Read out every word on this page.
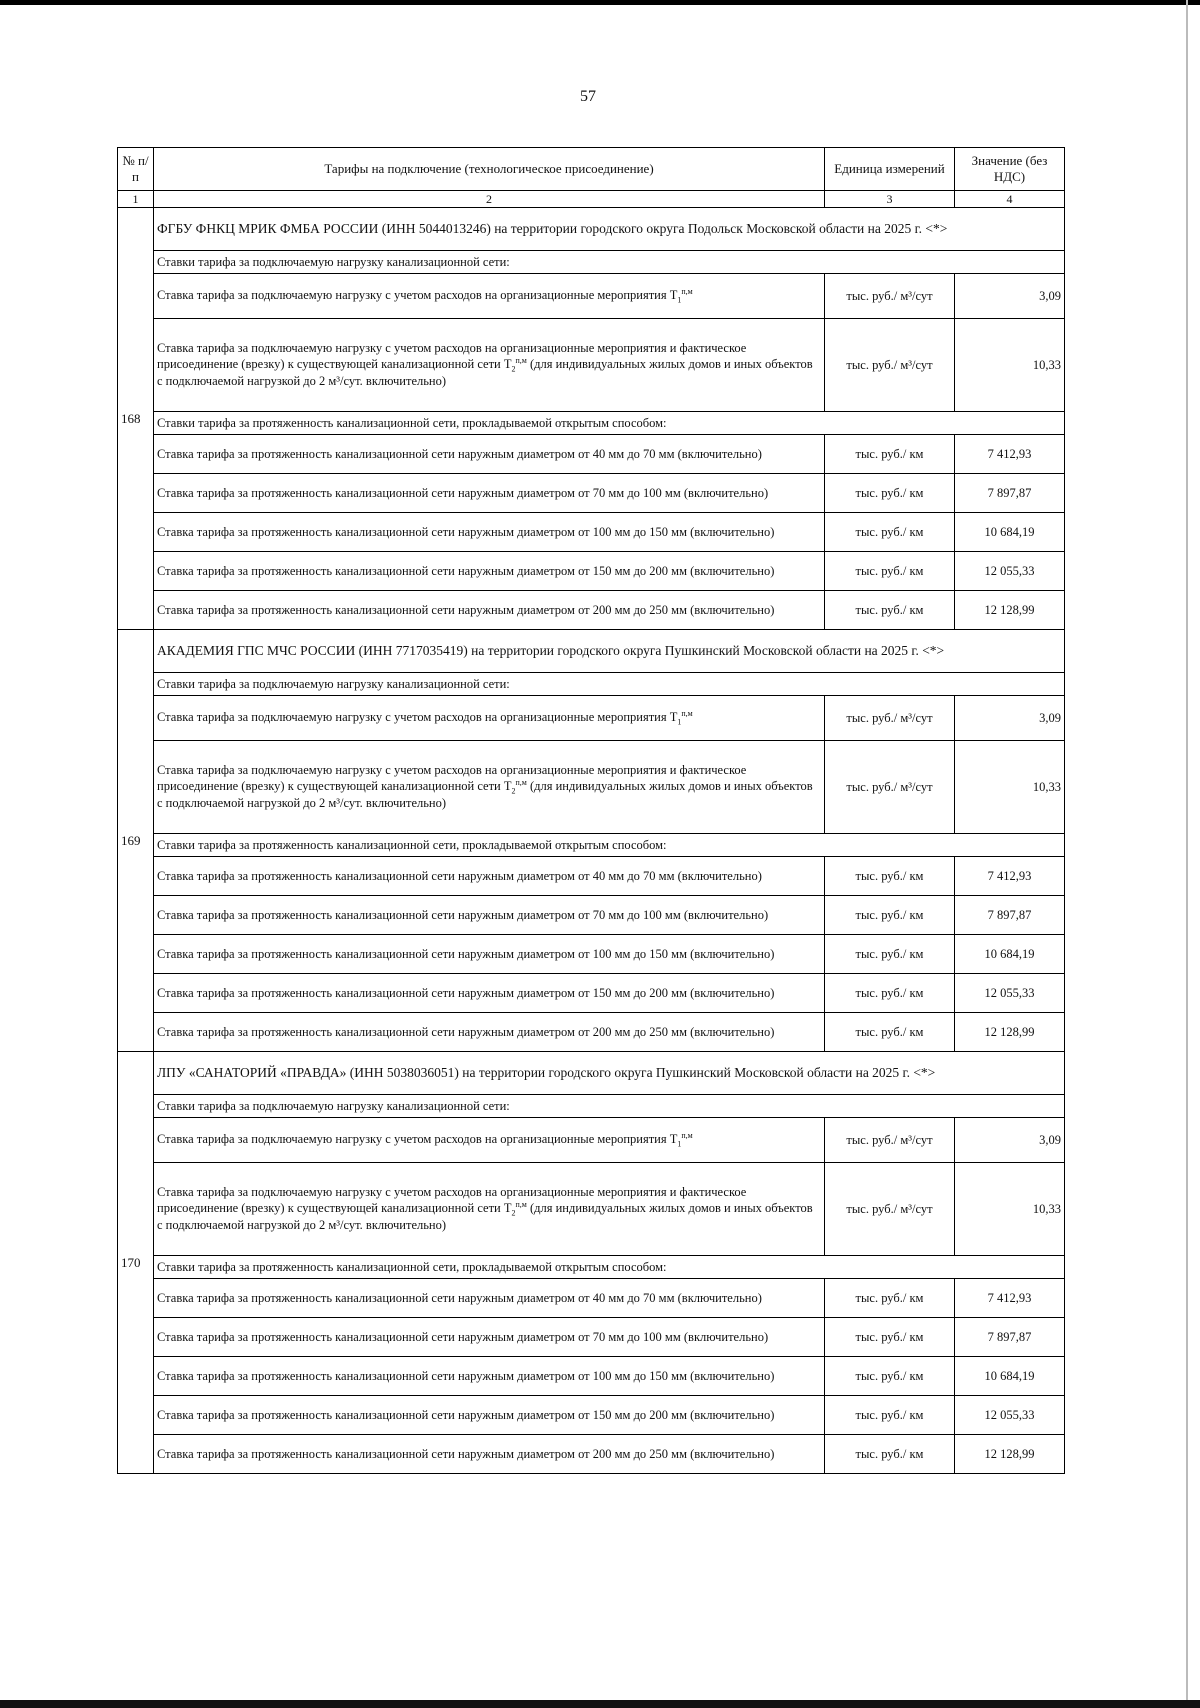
57
№ п/п	Тарифы на подключение (технологическое присоединение)	Единица измерений	Значение (без НДС)
1	2	3	4
168	ФГБУ ФНКЦ МРИК ФМБА РОССИИ (ИНН 5044013246) на территории городского округа Подольск Московской области на 2025 г. <*>		
	Ставки тарифа за подключаемую нагрузку канализационной сети:		
	Ставка тарифа за подключаемую нагрузку с учетом расходов на организационные мероприятия $T_1^{п,м}$	тыс. руб./ м³/сут	3,09
	Ставка тарифа за подключаемую нагрузку с учетом расходов на организационные мероприятия и фактическое присоединение (врезку) к существующей канализационной сети $T_2^{п,м}$ (для индивидуальных жилых домов и иных объектов с подключаемой нагрузкой до 2 м³/сут. включительно)	тыс. руб./ м³/сут	10,33
	Ставки тарифа за протяженность канализационной сети, прокладываемой открытым способом:		
	Ставка тарифа за протяженность канализационной сети наружным диаметром от 40 мм до 70 мм (включительно)	тыс. руб./ км	7 412,93
	Ставка тарифа за протяженность канализационной сети наружным диаметром от 70 мм до 100 мм (включительно)	тыс. руб./ км	7 897,87
	Ставка тарифа за протяженность канализационной сети наружным диаметром от 100 мм до 150 мм (включительно)	тыс. руб./ км	10 684,19
	Ставка тарифа за протяженность канализационной сети наружным диаметром от 150 мм до 200 мм (включительно)	тыс. руб./ км	12 055,33
	Ставка тарифа за протяженность канализационной сети наружным диаметром от 200 мм до 250 мм (включительно)	тыс. руб./ км	12 128,99
169	АКАДЕМИЯ ГПС МЧС РОССИИ (ИНН 7717035419) на территории городского округа Пушкинский Московской области на 2025 г. <*>		
	Ставки тарифа за подключаемую нагрузку канализационной сети:		
	Ставка тарифа за подключаемую нагрузку с учетом расходов на организационные мероприятия $T_1^{п,м}$	тыс. руб./ м³/сут	3,09
	Ставка тарифа за подключаемую нагрузку с учетом расходов на организационные мероприятия и фактическое присоединение (врезку) к существующей канализационной сети $T_2^{п,м}$ (для индивидуальных жилых домов и иных объектов с подключаемой нагрузкой до 2 м³/сут. включительно)	тыс. руб./ м³/сут	10,33
	Ставки тарифа за протяженность канализационной сети, прокладываемой открытым способом:		
	Ставка тарифа за протяженность канализационной сети наружным диаметром от 40 мм до 70 мм (включительно)	тыс. руб./ км	7 412,93
	Ставка тарифа за протяженность канализационной сети наружным диаметром от 70 мм до 100 мм (включительно)	тыс. руб./ км	7 897,87
	Ставка тарифа за протяженность канализационной сети наружным диаметром от 100 мм до 150 мм (включительно)	тыс. руб./ км	10 684,19
	Ставка тарифа за протяженность канализационной сети наружным диаметром от 150 мм до 200 мм (включительно)	тыс. руб./ км	12 055,33
	Ставка тарифа за протяженность канализационной сети наружным диаметром от 200 мм до 250 мм (включительно)	тыс. руб./ км	12 128,99
170	ЛПУ «САНАТОРИЙ «ПРАВДА» (ИНН 5038036051) на территории городского округа Пушкинский Московской области на 2025 г. <*>		
	Ставки тарифа за подключаемую нагрузку канализационной сети:		
	Ставка тарифа за подключаемую нагрузку с учетом расходов на организационные мероприятия $T_1^{п,м}$	тыс. руб./ м³/сут	3,09
	Ставка тарифа за подключаемую нагрузку с учетом расходов на организационные мероприятия и фактическое присоединение (врезку) к существующей канализационной сети $T_2^{п,м}$ (для индивидуальных жилых домов и иных объектов с подключаемой нагрузкой до 2 м³/сут. включительно)	тыс. руб./ м³/сут	10,33
	Ставки тарифа за протяженность канализационной сети, прокладываемой открытым способом:		
	Ставка тарифа за протяженность канализационной сети наружным диаметром от 40 мм до 70 мм (включительно)	тыс. руб./ км	7 412,93
	Ставка тарифа за протяженность канализационной сети наружным диаметром от 70 мм до 100 мм (включительно)	тыс. руб./ км	7 897,87
	Ставка тарифа за протяженность канализационной сети наружным диаметром от 100 мм до 150 мм (включительно)	тыс. руб./ км	10 684,19
	Ставка тарифа за протяженность канализационной сети наружным диаметром от 150 мм до 200 мм (включительно)	тыс. руб./ км	12 055,33
	Ставка тарифа за протяженность канализационной сети наружным диаметром от 200 мм до 250 мм (включительно)	тыс. руб./ км	12 128,99
